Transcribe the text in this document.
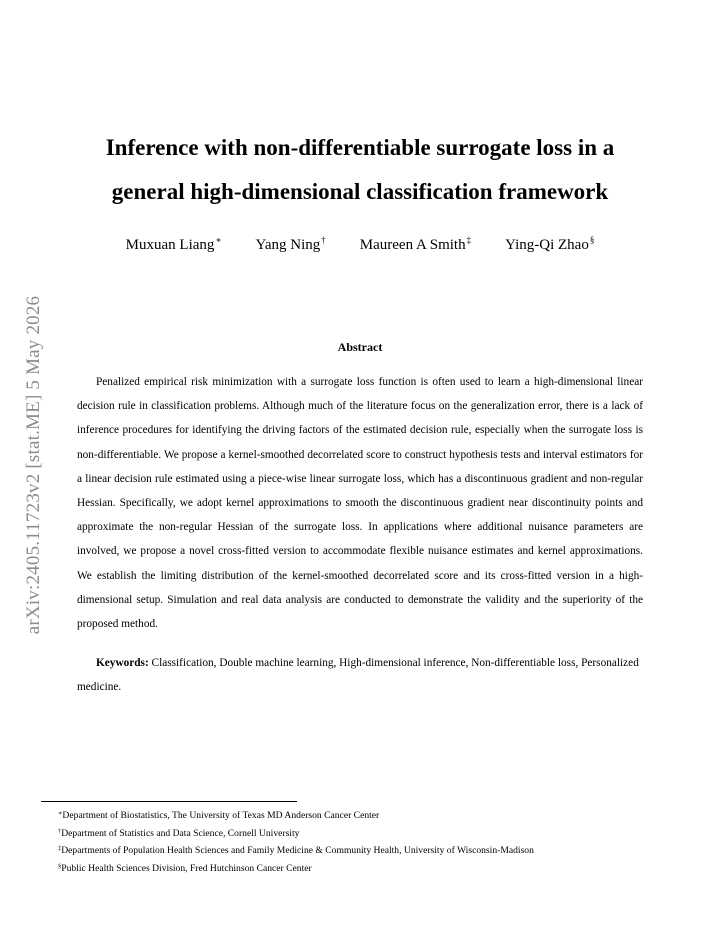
arXiv:2405.11723v2 [stat.ME] 5 May 2026
Inference with non-differentiable surrogate loss in a
general high-dimensional classification framework
Muxuan Liang∗ Yang Ning† Maureen A Smith‡ Ying-Qi Zhao§
Abstract

Penalized empirical risk minimization with a surrogate loss function is often used to learn a high-dimensional linear decision rule in classification problems. Although much of the literature focus on the generalization error, there is a lack of inference procedures for identifying the driving factors of the estimated decision rule, especially when the surrogate loss is non-differentiable. We propose a kernel-smoothed decorrelated score to construct hypothesis tests and interval estimators for a linear decision rule estimated using a piece-wise linear surrogate loss, which has a discontinuous gradient and non-regular Hessian. Specifically, we adopt kernel approximations to smooth the discontinuous gradient near discontinuity points and approximate the non-regular Hessian of the surrogate loss. In applications where additional nuisance parameters are involved, we propose a novel cross-fitted version to accommodate flexible nuisance estimates and kernel approximations. We establish the limiting distribution of the kernel-smoothed decorrelated score and its cross-fitted version in a high-dimensional setup. Simulation and real data analysis are conducted to demonstrate the validity and the superiority of the proposed method.

Keywords: Classification, Double machine learning, High-dimensional inference, Non-differentiable loss, Personalized medicine.

∗Department of Biostatistics, The University of Texas MD Anderson Cancer Center
†Department of Statistics and Data Science, Cornell University
‡Departments of Population Health Sciences and Family Medicine & Community Health, University of Wisconsin-Madison
§Public Health Sciences Division, Fred Hutchinson Cancer Center
